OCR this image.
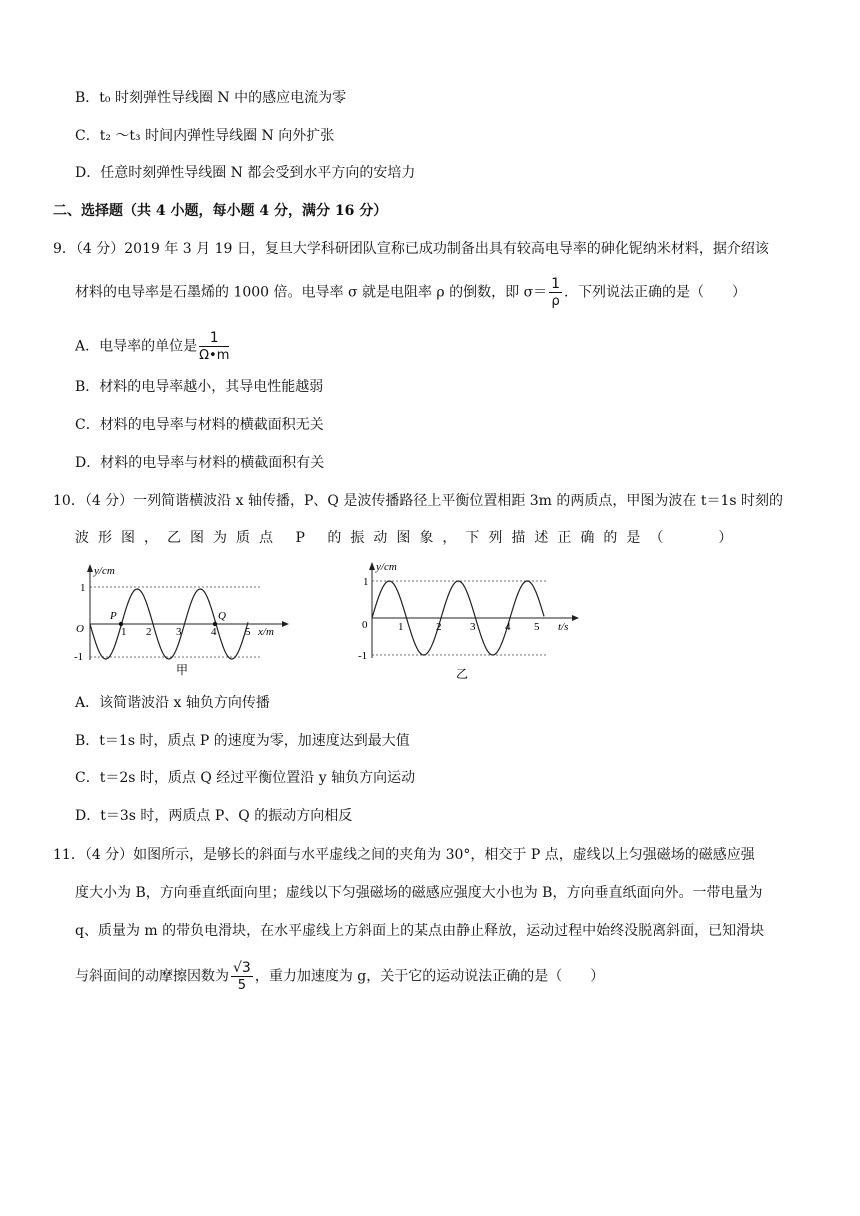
B．t₀ 时刻弹性导线圈 N 中的感应电流为零
C．t₂ ～t₃ 时间内弹性导线圈 N 向外扩张
D．任意时刻弹性导线圈 N 都会受到水平方向的安培力
二、选择题（共 4 小题，每小题 4 分，满分 16 分）
9．（4 分）2019 年 3 月 19 日，复旦大学科研团队宣称已成功制备出具有较高电导率的砷化铌纳米材料，据介绍该
材料的电导率是石墨烯的 1000 倍。电导率 σ 就是电阻率 ρ 的倒数，即 $\sigma= \frac{1}{\rho}$ ．下列说法正确的是（　　）
A．电导率的单位是 $\frac{1}{\Omega•m}$
B．材料的电导率越小，其导电性能越弱
C．材料的电导率与材料的横截面积无关
D．材料的电导率与材料的横截面积有关
10．（4 分）一列简谐横波沿 x 轴传播，P、Q 是波传播路径上平衡位置相距 3m 的两质点，甲图为波在 t＝1s 时刻的
波形图，乙图为质点 P 的振动图象，下列描述正确的是（　　）
y/cm
x/m
O
1
-1
1 2 3	4	5
P	Q
甲
y/cm
t/s
0
1
-1
1	2	3	4 5
乙
A．该简谐波沿 x 轴负方向传播
B．t＝1s 时，质点 P 的速度为零，加速度达到最大值
C．t＝2s 时，质点 Q 经过平衡位置沿 y 轴负方向运动
D．t＝3s 时，两质点 P、Q 的振动方向相反
11．（4 分）如图所示，是够长的斜面与水平虚线之间的夹角为 30°，相交于 P 点，虚线以上匀强磁场的磁感应强
度大小为 B，方向垂直纸面向里；虚线以下匀强磁场的磁感应强度大小也为 B，方向垂直纸面向外。一带电量为
q、质量为 m 的带负电滑块，在水平虚线上方斜面上的某点由静止释放，运动过程中始终没脱离斜面，已知滑块
与斜面间的动摩擦因数为 $\frac{√3}{5}$ ，重力加速度为 g，关于它的运动说法正确的是（　　）
